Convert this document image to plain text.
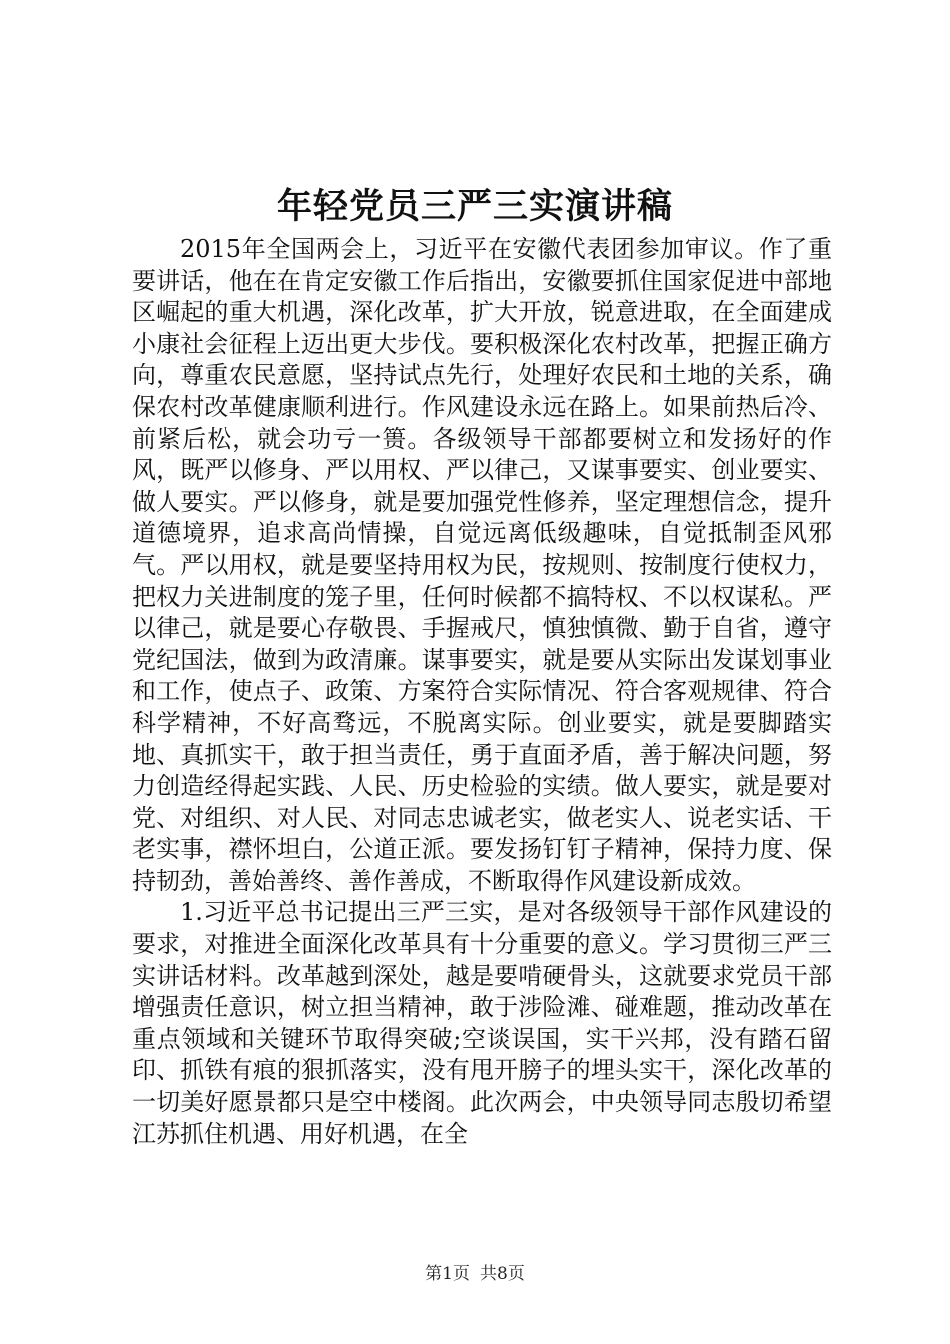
年轻党员三严三实演讲稿

2015年全国两会上，习近平在安徽代表团参加审议。作了重要讲话，他在在肯定安徽工作后指出，安徽要抓住国家促进中部地区崛起的重大机遇，深化改革，扩大开放，锐意进取，在全面建成小康社会征程上迈出更大步伐。要积极深化农村改革，把握正确方向，尊重农民意愿，坚持试点先行，处理好农民和土地的关系，确保农村改革健康顺利进行。作风建设永远在路上。如果前热后冷、前紧后松，就会功亏一篑。各级领导干部都要树立和发扬好的作风，既严以修身、严以用权、严以律己，又谋事要实、创业要实、做人要实。严以修身，就是要加强党性修养，坚定理想信念，提升道德境界，追求高尚情操，自觉远离低级趣味，自觉抵制歪风邪气。严以用权，就是要坚持用权为民，按规则、按制度行使权力，把权力关进制度的笼子里，任何时候都不搞特权、不以权谋私。严以律己，就是要心存敬畏、手握戒尺，慎独慎微、勤于自省，遵守党纪国法，做到为政清廉。谋事要实，就是要从实际出发谋划事业和工作，使点子、政策、方案符合实际情况、符合客观规律、符合科学精神，不好高骛远，不脱离实际。创业要实，就是要脚踏实地、真抓实干，敢于担当责任，勇于直面矛盾，善于解决问题，努力创造经得起实践、人民、历史检验的实绩。做人要实，就是要对党、对组织、对人民、对同志忠诚老实，做老实人、说老实话、干老实事，襟怀坦白，公道正派。要发扬钉钉子精神，保持力度、保持韧劲，善始善终、善作善成，不断取得作风建设新成效。

1.习近平总书记提出三严三实，是对各级领导干部作风建设的要求，对推进全面深化改革具有十分重要的意义。学习贯彻三严三实讲话材料。改革越到深处，越是要啃硬骨头，这就要求党员干部增强责任意识，树立担当精神，敢于涉险滩、碰难题，推动改革在重点领域和关键环节取得突破;空谈误国，实干兴邦，没有踏石留印、抓铁有痕的狠抓落实，没有甩开膀子的埋头实干，深化改革的一切美好愿景都只是空中楼阁。此次两会，中央领导同志殷切希望江苏抓住机遇、用好机遇，在全

第1页 共8页
